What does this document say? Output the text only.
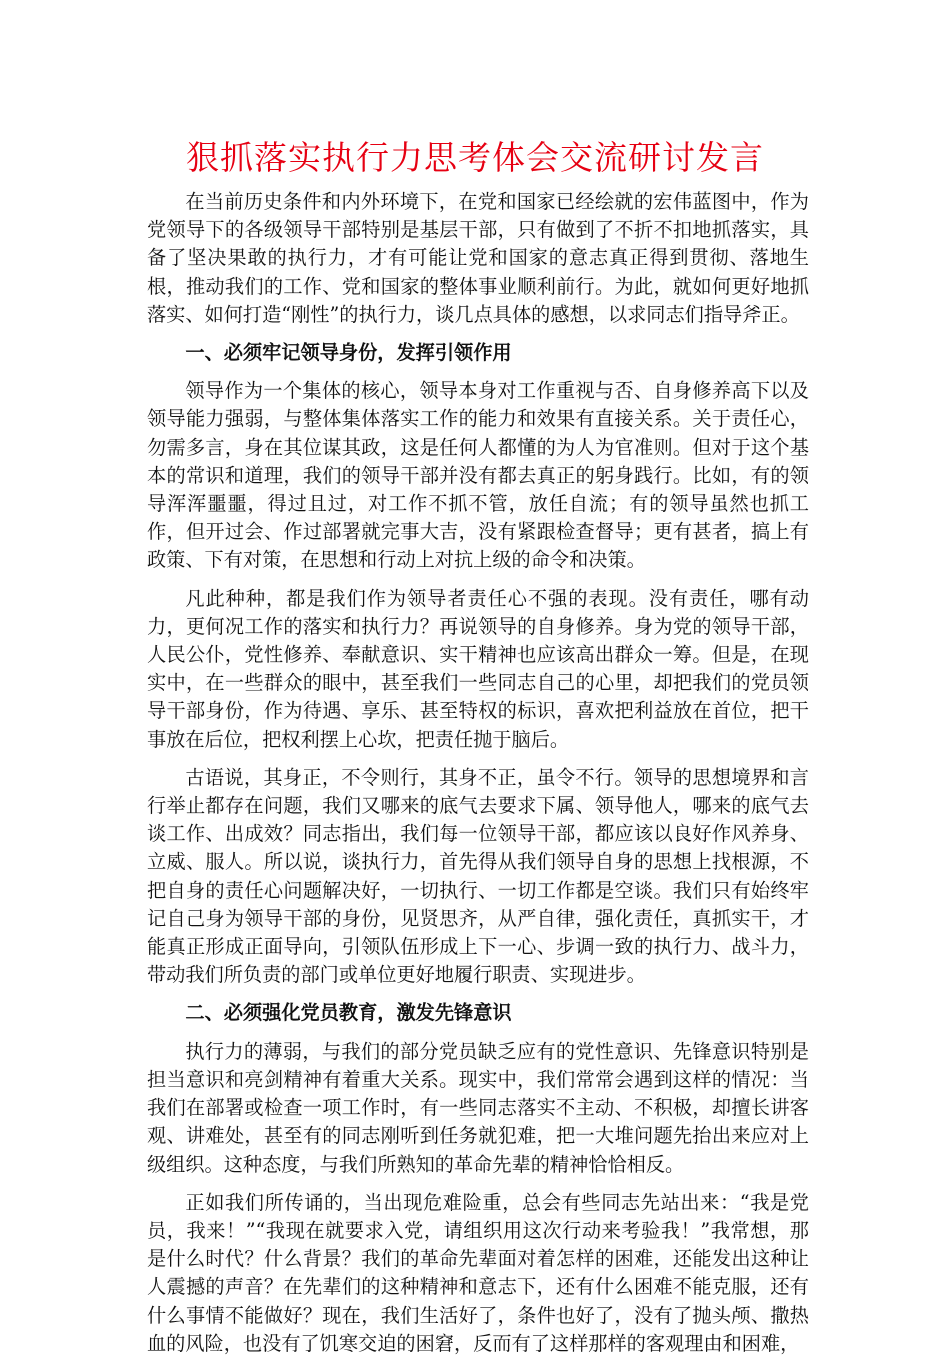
狠抓落实执行力思考体会交流研讨发言

在当前历史条件和内外环境下，在党和国家已经绘就的宏伟蓝图中，作为党领导下的各级领导干部特别是基层干部，只有做到了不折不扣地抓落实，具备了坚决果敢的执行力，才有可能让党和国家的意志真正得到贯彻、落地生根，推动我们的工作、党和国家的整体事业顺利前行。为此，就如何更好地抓落实、如何打造“刚性”的执行力，谈几点具体的感想，以求同志们指导斧正。

一、必须牢记领导身份，发挥引领作用

领导作为一个集体的核心，领导本身对工作重视与否、自身修养高下以及领导能力强弱，与整体集体落实工作的能力和效果有直接关系。关于责任心，勿需多言，身在其位谋其政，这是任何人都懂的为人为官准则。但对于这个基本的常识和道理，我们的领导干部并没有都去真正的躬身践行。比如，有的领导浑浑噩噩，得过且过，对工作不抓不管，放任自流；有的领导虽然也抓工作，但开过会、作过部署就完事大吉，没有紧跟检查督导；更有甚者，搞上有政策、下有对策，在思想和行动上对抗上级的命令和决策。

凡此种种，都是我们作为领导者责任心不强的表现。没有责任，哪有动力，更何况工作的落实和执行力？再说领导的自身修养。身为党的领导干部，人民公仆，党性修养、奉献意识、实干精神也应该高出群众一筹。但是，在现实中，在一些群众的眼中，甚至我们一些同志自己的心里，却把我们的党员领导干部身份，作为待遇、享乐、甚至特权的标识，喜欢把利益放在首位，把干事放在后位，把权利摆上心坎，把责任抛于脑后。

古语说，其身正，不令则行，其身不正，虽令不行。领导的思想境界和言行举止都存在问题，我们又哪来的底气去要求下属、领导他人，哪来的底气去谈工作、出成效？同志指出，我们每一位领导干部，都应该以良好作风养身、立威、服人。所以说，谈执行力，首先得从我们领导自身的思想上找根源，不把自身的责任心问题解决好，一切执行、一切工作都是空谈。我们只有始终牢记自己身为领导干部的身份，见贤思齐，从严自律，强化责任，真抓实干，才能真正形成正面导向，引领队伍形成上下一心、步调一致的执行力、战斗力，带动我们所负责的部门或单位更好地履行职责、实现进步。

二、必须强化党员教育，激发先锋意识

执行力的薄弱，与我们的部分党员缺乏应有的党性意识、先锋意识特别是担当意识和亮剑精神有着重大关系。现实中，我们常常会遇到这样的情况：当我们在部署或检查一项工作时，有一些同志落实不主动、不积极，却擅长讲客观、讲难处，甚至有的同志刚听到任务就犯难，把一大堆问题先抬出来应对上级组织。这种态度，与我们所熟知的革命先辈的精神恰恰相反。

正如我们所传诵的，当出现危难险重，总会有些同志先站出来：“我是党员，我来！”“我现在就要求入党，请组织用这次行动来考验我！”我常想，那是什么时代？什么背景？我们的革命先辈面对着怎样的困难，还能发出这种让人震撼的声音？在先辈们的这种精神和意志下，还有什么困难不能克服，还有什么事情不能做好？现在，我们生活好了，条件也好了，没有了抛头颅、撒热血的风险，也没有了饥寒交迫的困窘，反而有了这样那样的客观理由和困难，
